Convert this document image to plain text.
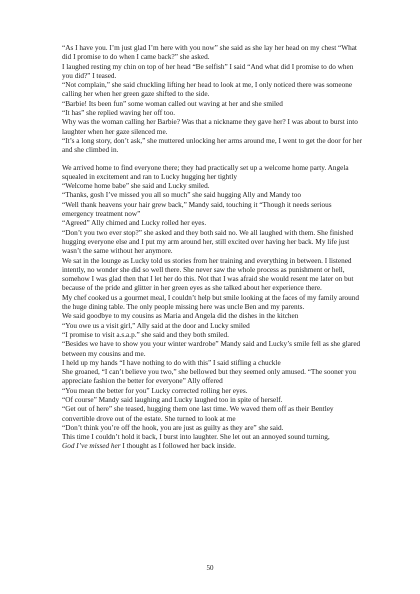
“As I have you. I’m just glad I’m here with you now” she said as she lay her head on my chest “What did I promise to do when I came back?” she asked.

I laughed resting my chin on top of her head “Be selfish” I said “And what did I promise to do when you did?” I teased.

“Not complain,” she said chuckling lifting her head to look at me, I only noticed there was someone calling her when her green gaze shifted to the side.

“Barbie! Its been fun” some woman called out waving at her and she smiled

“It has” she replied waving her off too.

Why was the woman calling her Barbie? Was that a nickname they gave her? I was about to burst into laughter when her gaze silenced me.

“It’s a long story, don’t ask,” she muttered unlocking her arms around me, I went to get the door for her and she climbed in.

We arrived home to find everyone there; they had practically set up a welcome home party. Angela squealed in excitement and ran to Lucky hugging her tightly

“Welcome home babe” she said and Lucky smiled.

“Thanks, gosh I’ve missed you all so much” she said hugging Ally and Mandy too

“Well thank heavens your hair grew back,” Mandy said, touching it “Though it needs serious emergency treatment now”

“Agreed” Ally chimed and Lucky rolled her eyes.

“Don’t you two ever stop?” she asked and they both said no. We all laughed with them. She finished hugging everyone else and I put my arm around her, still excited over having her back. My life just wasn’t the same without her anymore.

We sat in the lounge as Lucky told us stories from her training and everything in between. I listened intently, no wonder she did so well there. She never saw the whole process as punishment or hell, somehow I was glad then that I let her do this. Not that I was afraid she would resent me later on but because of the pride and glitter in her green eyes as she talked about her experience there.

My chef cooked us a gourmet meal, I couldn’t help but smile looking at the faces of my family around the huge dining table. The only people missing here was uncle Ben and my parents.

We said goodbye to my cousins as Maria and Angela did the dishes in the kitchen

“You owe us a visit girl,” Ally said at the door and Lucky smiled

“I promise to visit a.s.a.p.” she said and they both smiled.

“Besides we have to show you your winter wardrobe” Mandy said and Lucky’s smile fell as she glared between my cousins and me.

I held up my hands “I have nothing to do with this” I said stifling a chuckle

She groaned, “I can’t believe you two,” she bellowed but they seemed only amused. “The sooner you appreciate fashion the better for everyone” Ally offered

“You mean the better for you” Lucky corrected rolling her eyes.

“Of course” Mandy said laughing and Lucky laughed too in spite of herself.

“Get out of here” she teased, hugging them one last time. We waved them off as their Bentley convertible drove out of the estate. She turned to look at me

“Don’t think you’re off the hook, you are just as guilty as they are” she said.

This time I couldn’t hold it back, I burst into laughter. She let out an annoyed sound turning,

God I’ve missed her I thought as I followed her back inside.

50
